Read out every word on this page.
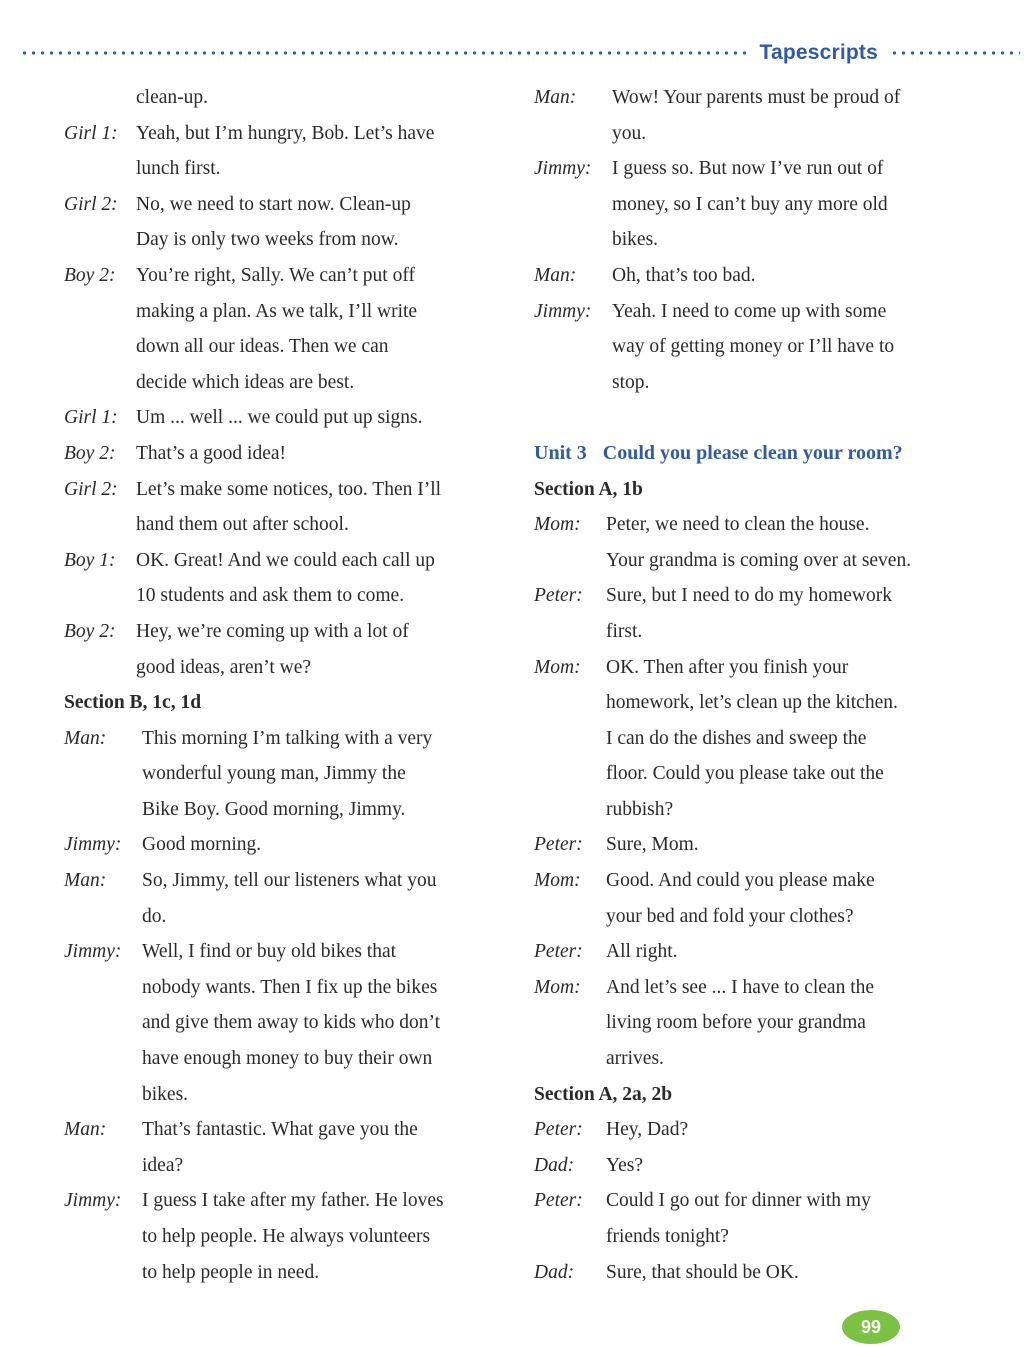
Tapescripts
clean-up.
Girl 1: Yeah, but I’m hungry, Bob. Let’s have
lunch first.
Girl 2: No, we need to start now. Clean-up
Day is only two weeks from now.
Boy 2: You’re right, Sally. We can’t put off
making a plan. As we talk, I’ll write
down all our ideas. Then we can
decide which ideas are best.
Girl 1: Um ... well ... we could put up signs.
Boy 2: That’s a good idea!
Girl 2: Let’s make some notices, too. Then I’ll
hand them out after school.
Boy 1: OK. Great! And we could each call up
10 students and ask them to come.
Boy 2: Hey, we’re coming up with a lot of
good ideas, aren’t we?
Section B, 1c, 1d
Man: This morning I’m talking with a very
wonderful young man, Jimmy the
Bike Boy. Good morning, Jimmy.
Jimmy: Good morning.
Man: So, Jimmy, tell our listeners what you
do.
Jimmy: Well, I find or buy old bikes that
nobody wants. Then I fix up the bikes
and give them away to kids who don’t
have enough money to buy their own
bikes.
Man: That’s fantastic. What gave you the
idea?
Jimmy: I guess I take after my father. He loves
to help people. He always volunteers
to help people in need.
Man: Wow! Your parents must be proud of
you.
Jimmy: I guess so. But now I’ve run out of
money, so I can’t buy any more old
bikes.
Man: Oh, that’s too bad.
Jimmy: Yeah. I need to come up with some
way of getting money or I’ll have to
stop.
Unit 3 Could you please clean your room?
Section A, 1b
Mom: Peter, we need to clean the house.
Your grandma is coming over at seven.
Peter: Sure, but I need to do my homework
first.
Mom: OK. Then after you finish your
homework, let’s clean up the kitchen.
I can do the dishes and sweep the
floor. Could you please take out the
rubbish?
Peter: Sure, Mom.
Mom: Good. And could you please make
your bed and fold your clothes?
Peter: All right.
Mom: And let’s see ... I have to clean the
living room before your grandma
arrives.
Section A, 2a, 2b
Peter: Hey, Dad?
Dad: Yes?
Peter: Could I go out for dinner with my
friends tonight?
Dad: Sure, that should be OK.
99
